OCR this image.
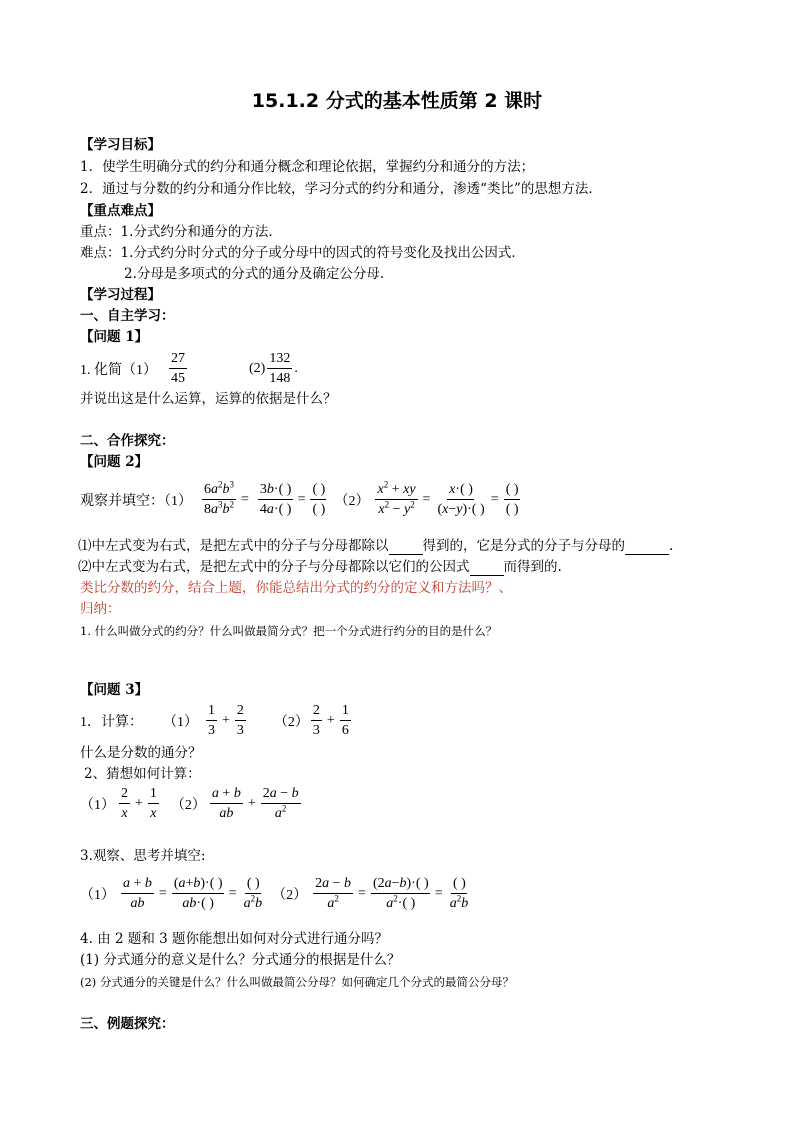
15.1.2 分式的基本性质第 2 课时
【学习目标】
1．使学生明确分式的约分和通分概念和理论依据，掌握约分和通分的方法；
2．通过与分数的约分和通分作比较，学习分式的约分和通分，渗透“类比”的思想方法．
【重点难点】
重点：1.分式约分和通分的方法．
难点：1.分式约分时分式的分子或分母中的因式的符号变化及找出公因式．
2.分母是多项式的分式的通分及确定公分母.
【学习过程】
一、自主学习：
【问题 1】
1. 化简（1）
27
45
(2)
132
148
.
并说出这是什么运算，运算的依据是什么？
二、合作探究：
【问题 2】
观察并填空：$(1) \frac{6a^2b^3}{8a^3b^2} = \frac{3b\cdot( )}{4a\cdot( )}$ =
( )
( )
$(2) \frac{x^2 + xy}{x^2 - y^2} = \frac{x\cdot( )}{(x-y)\cdot( )}$ =
( )
( )
⑴中左式变为右式，是把左式中的分子与分母都除以	得到的，它是分式的分子与分母的	.
⑵中左式变为右式，是把左式中的分子与分母都除以它们的公因式	而得到的.
类比分数的约分，结合上题，你能总结出分式的约分的定义和方法吗？、
归纳：
1. 什么叫做分式的约分？什么叫做最简分式？把一个分式进行约分的目的是什么？
【问题 3】
1．计算： （1）
1
3
+ $\frac{2}{3} (2)$
2
3
+ $\frac{1}{6}$
什么是分数的通分？
2、猜想如何计算：
（1）
2
x
+ $\frac{1}{x} (2)$
a + b
ab
+ $\frac{2a - b}{a^2}$
3.观察、思考并填空:
$(1) \frac{a + b}{ab} = \frac{(a+b)\cdot( )}{ab\cdot( )}$ =
( )
$a^2b$
$(2) \frac{2a - b}{a^2} = \frac{(2a-b)\cdot( )}{a^2\cdot( )}$ =
( )
$a^2b$
4. 由 2 题和 3 题你能想出如何对分式进行通分吗？
(1) 分式通分的意义是什么？分式通分的根据是什么？
(2) 分式通分的关键是什么？什么叫做最简公分母？如何确定几个分式的最简公分母？
三、例题探究：
